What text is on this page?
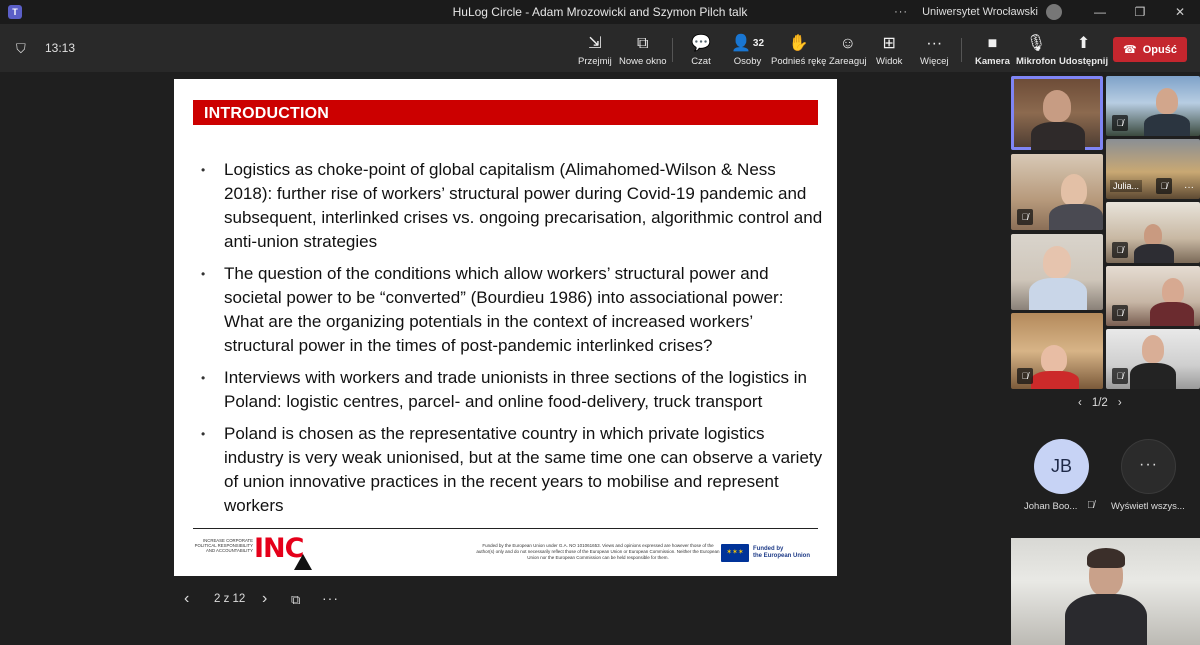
T	HuLog Circle - Adam Mrozowicki and Szymon Pilch talk	··· Uniwersytet Wrocławski	—	❐	✕
⛉ 13:13	⇲
Przejmij
⧉
Nowe okno
💬
Czat
👤 32
Osoby
✋
Podnieś rękę
☺
Zareaguj
⊞
Widok
···
Więcej
■
Kamera
🎙
Mikrofon
⬆
Udostępnij
☎ Opuść
INTRODUCTION
• Logistics as choke-point of global capitalism (Alimahomed-Wilson & Ness 2018): further rise of workers’ structural power during Covid-19 pandemic and subsequent, interlinked crises vs. ongoing precarisation, algorithmic control and anti-union strategies
• The question of the conditions which allow workers’ structural power and societal power to be “converted” (Bourdieu 1986) into associational power: What are the organizing potentials in the context of increased workers’ structural power in the times of post-pandemic interlinked crises?
• Interviews with workers and trade unionists in three sections of the logistics in Poland: logistic centres, parcel- and online food-delivery, truck transport
• Poland is chosen as the representative country in which private logistics industry is very weak unionised, but at the same time one can observe a variety of union innovative practices in the recent years to mobilise and represent workers
INCREASE CORPORATE POLITICAL RESPONSIBILITY AND ACCOUNTABILITY INC	Funded by the European Union under G.A. NO 101061653. Views and opinions expressed are however those of the author(s) only and do not necessarily reflect those of the European Union or European Commission. Neither the European Union nor the European Commission can be held responsible for them.
✶✶✶	Funded by
the European Union
‹ 2 z 12 › ⧉ ···
🎙̸
Julia...	🎙̸	···
🎙̸
🎙̸
🎙̸
🎙̸	🎙̸
‹ 1/2 ›
JB
Johan Boo... 🎙̸
···
Wyświetl wszys...
